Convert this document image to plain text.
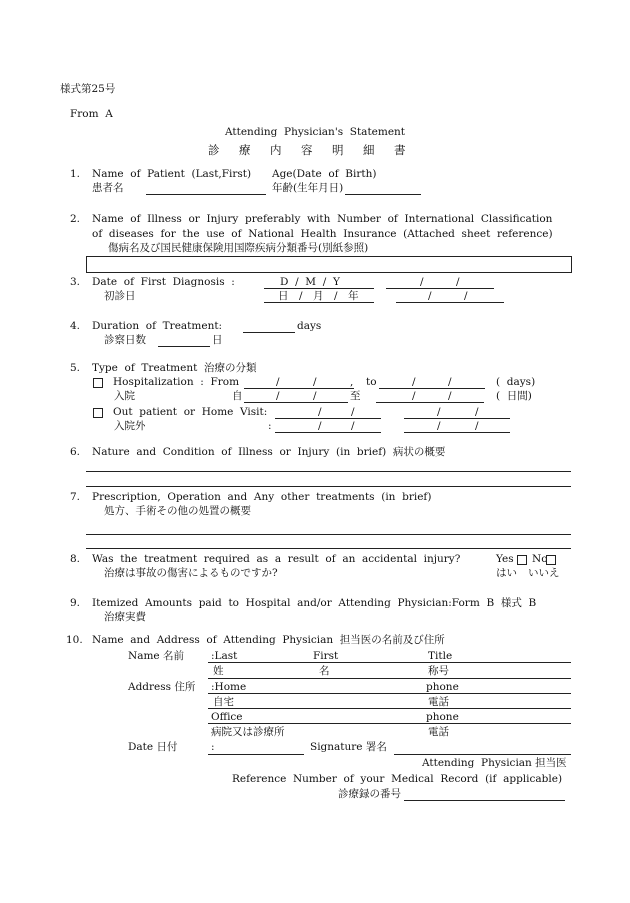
様式第25号
From  A
Attending  Physician's  Statement
診　療　内　容　明　細　書
1. Name  of  Patient  (Last,First) Age(Date  of  Birth)
患者名	年齢(生年月日)
2. Name  of  Illness  or  Injury  preferably  with  Number  of  International  Classification
of  diseases  for  the  use  of  National  Health  Insurance  (Attached  sheet  reference)
傷病名及び国民健康保険用国際疾病分類番号(別紙参照)
3. Date  of  First  Diagnosis  :	D  /  M  /  Y	/	/
初診日	日　/　月　/　年	/	/
4. Duration  of  Treatment:	days
診察日数	日
5. Type  of  Treatment  治療の分類
Hospitalization  :  From	/	/	, to	/	/	(  days)
入院	自	/	/	至	/	/	(  日間)
Out  patient  or  Home  Visit:	/	/	/	/
入院外	:	/	/	/	/
6. Nature  and  Condition  of  Illness  or  Injury  (in  brief)  病状の概要
7. Prescription,  Operation  and  Any  other  treatments  (in  brief)
処方、手術その他の処置の概要
8. Was  the  treatment  required  as  a  result  of  an  accidental  injury?	Yes No
治療は事故の傷害によるものですか?	はい いいえ
9. Itemized  Amounts  paid  to  Hospital  and/or  Attending  Physician:Form  B  様式  B
治療実費
10. Name  and  Address  of  Attending  Physician  担当医の名前及び住所
Name 名前	:Last	First	Title
姓	名	称号
Address 住所 :Home	phone
自宅	電話
Office	phone
病院又は診療所	電話
Date 日付	:	Signature 署名
Attending  Physician 担当医
Reference  Number  of  your  Medical  Record  (if  applicable)
診療録の番号
